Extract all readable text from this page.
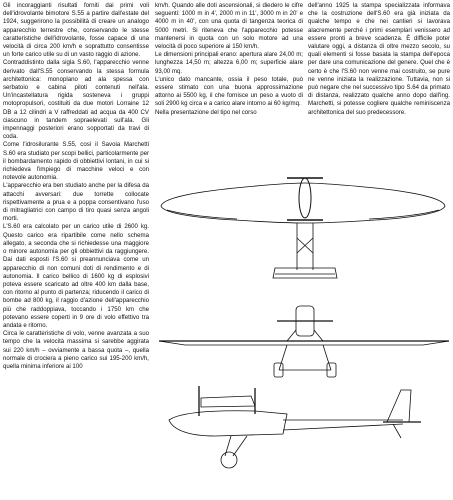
Gli incoraggianti risultati forniti dai primi voli dell'idrovolante bimotore S.55 a partire dall'estate del 1924, suggerirono la possibilità di creare un analogo apparecchio terrestre che, conservando le stesse caratteristiche dell'idrovolante, fosse capace di una velocità di circa 200 km/h e soprattutto consentisse un forte carico utile su di un vasto raggio di azione.

Contraddistinto dalla sigla S.60, l'apparecchio venne derivato dall'S.55 conservando la stessa formula architettonica: monoplano ad ala spessa con serbatoio e cabina piloti contenuti nell'ala. Un'incastellatura rigida sosteneva i gruppi motopropulsori, costituiti da due motori Lorraine 12 DB a 12 cilindri a V raffreddati ad acqua da 400 CV ciascuno in tandem sopraelevati sull'ala. Gli impennaggi posteriori erano sopportati da travi di coda.

Come l'idrosilurante S.55, così il Savoia Marchetti S.60 era studiato per scopi bellici, particolarmente per il bombardamento rapido di obbiettivi lontani, in cui si richiedeva l'impiego di macchine veloci e con notevole autonomia.

L'apparecchio era ben studiato anche per la difesa da attacchi avversari: due torrette collocate rispettivamente a prua e a poppa consentivano l'uso di mitragliatrici con campo di tiro quasi senza angoli morti.

L'S.60 era calcolato per un carico utile di 2600 kg. Questo carico era ripartibile come nello schema allegato, a seconda che si richiedesse una maggiore o minore autonomia per gli obbiettivi da raggiungere. Dai dati esposti l'S.60 si preannunciava come un apparecchio di non comuni doti di rendimento e di autonomia. Il carico bellico di 1600 kg di esplosivi poteva essere scaricato ad oltre 400 km dalla base, con ritorno al punto di partenza; riducendo il carico di bombe ad 800 kg, il raggio d'azione dell'apparecchio più che raddoppiava, toccando i 1750 km che potevano essere coperti in 9 ore di volo effettivo tra andata e ritorno.

Circa le caratteristiche di volo, venne avanzata a suo tempo che la velocità massima si sarebbe aggirata sui 220 km/h – ovviamente a bassa quota –, quella normale di crociera a pieno carico sui 195-200 km/h, quella minima inferiore ai 100

km/h. Quando alle doti ascensionali, si diedero le cifre seguenti: 1000 m in 4', 2000 m in 11', 3000 m in 20' e 4000 m in 40', con una quota di tangenza teorica di 5000 metri. Si riteneva che l'apparecchio potesse mantenersi in quota con un solo motore ad una velocità di poco superiore ai 150 km/h.

Le dimensioni principali erano: apertura alare 24,00 m; lunghezza 14,50 m; altezza 6,00 m; superficie alare 93,00 mq.

L'unico dato mancante, ossia il peso totale, può essere stimato con una buona approssimazione attorno ai 5500 kg, il che fornisce un peso a vuoto di soli 2900 kg circa e a carico alare intorno ai 60 kg/mq.

Nella presentazione del tipo nel corso

dell'anno 1925 la stampa specializzata informava che la costruzione dell'S.60 era già iniziata da qualche tempo e che nei cantieri si lavorava alacremente perché i primi esemplari venissero ad essere pronti a breve scadenza. È difficile poter valutare oggi, a distanza di oltre mezzo secolo, su quali elementi si fosse basata la stampa dell'epoca per dare una comunicazione del genere. Quel che è certo è che l'S.60 non venne mai costruito, se pure ne venne iniziata la realizzazione. Tuttavia, non si può negare che nel successivo tipo S.64 da primato di distanza, realizzato qualche anno dopo dall'ing. Marchetti, si potesse cogliere qualche reminiscenza architettonica del suo predecessore.
